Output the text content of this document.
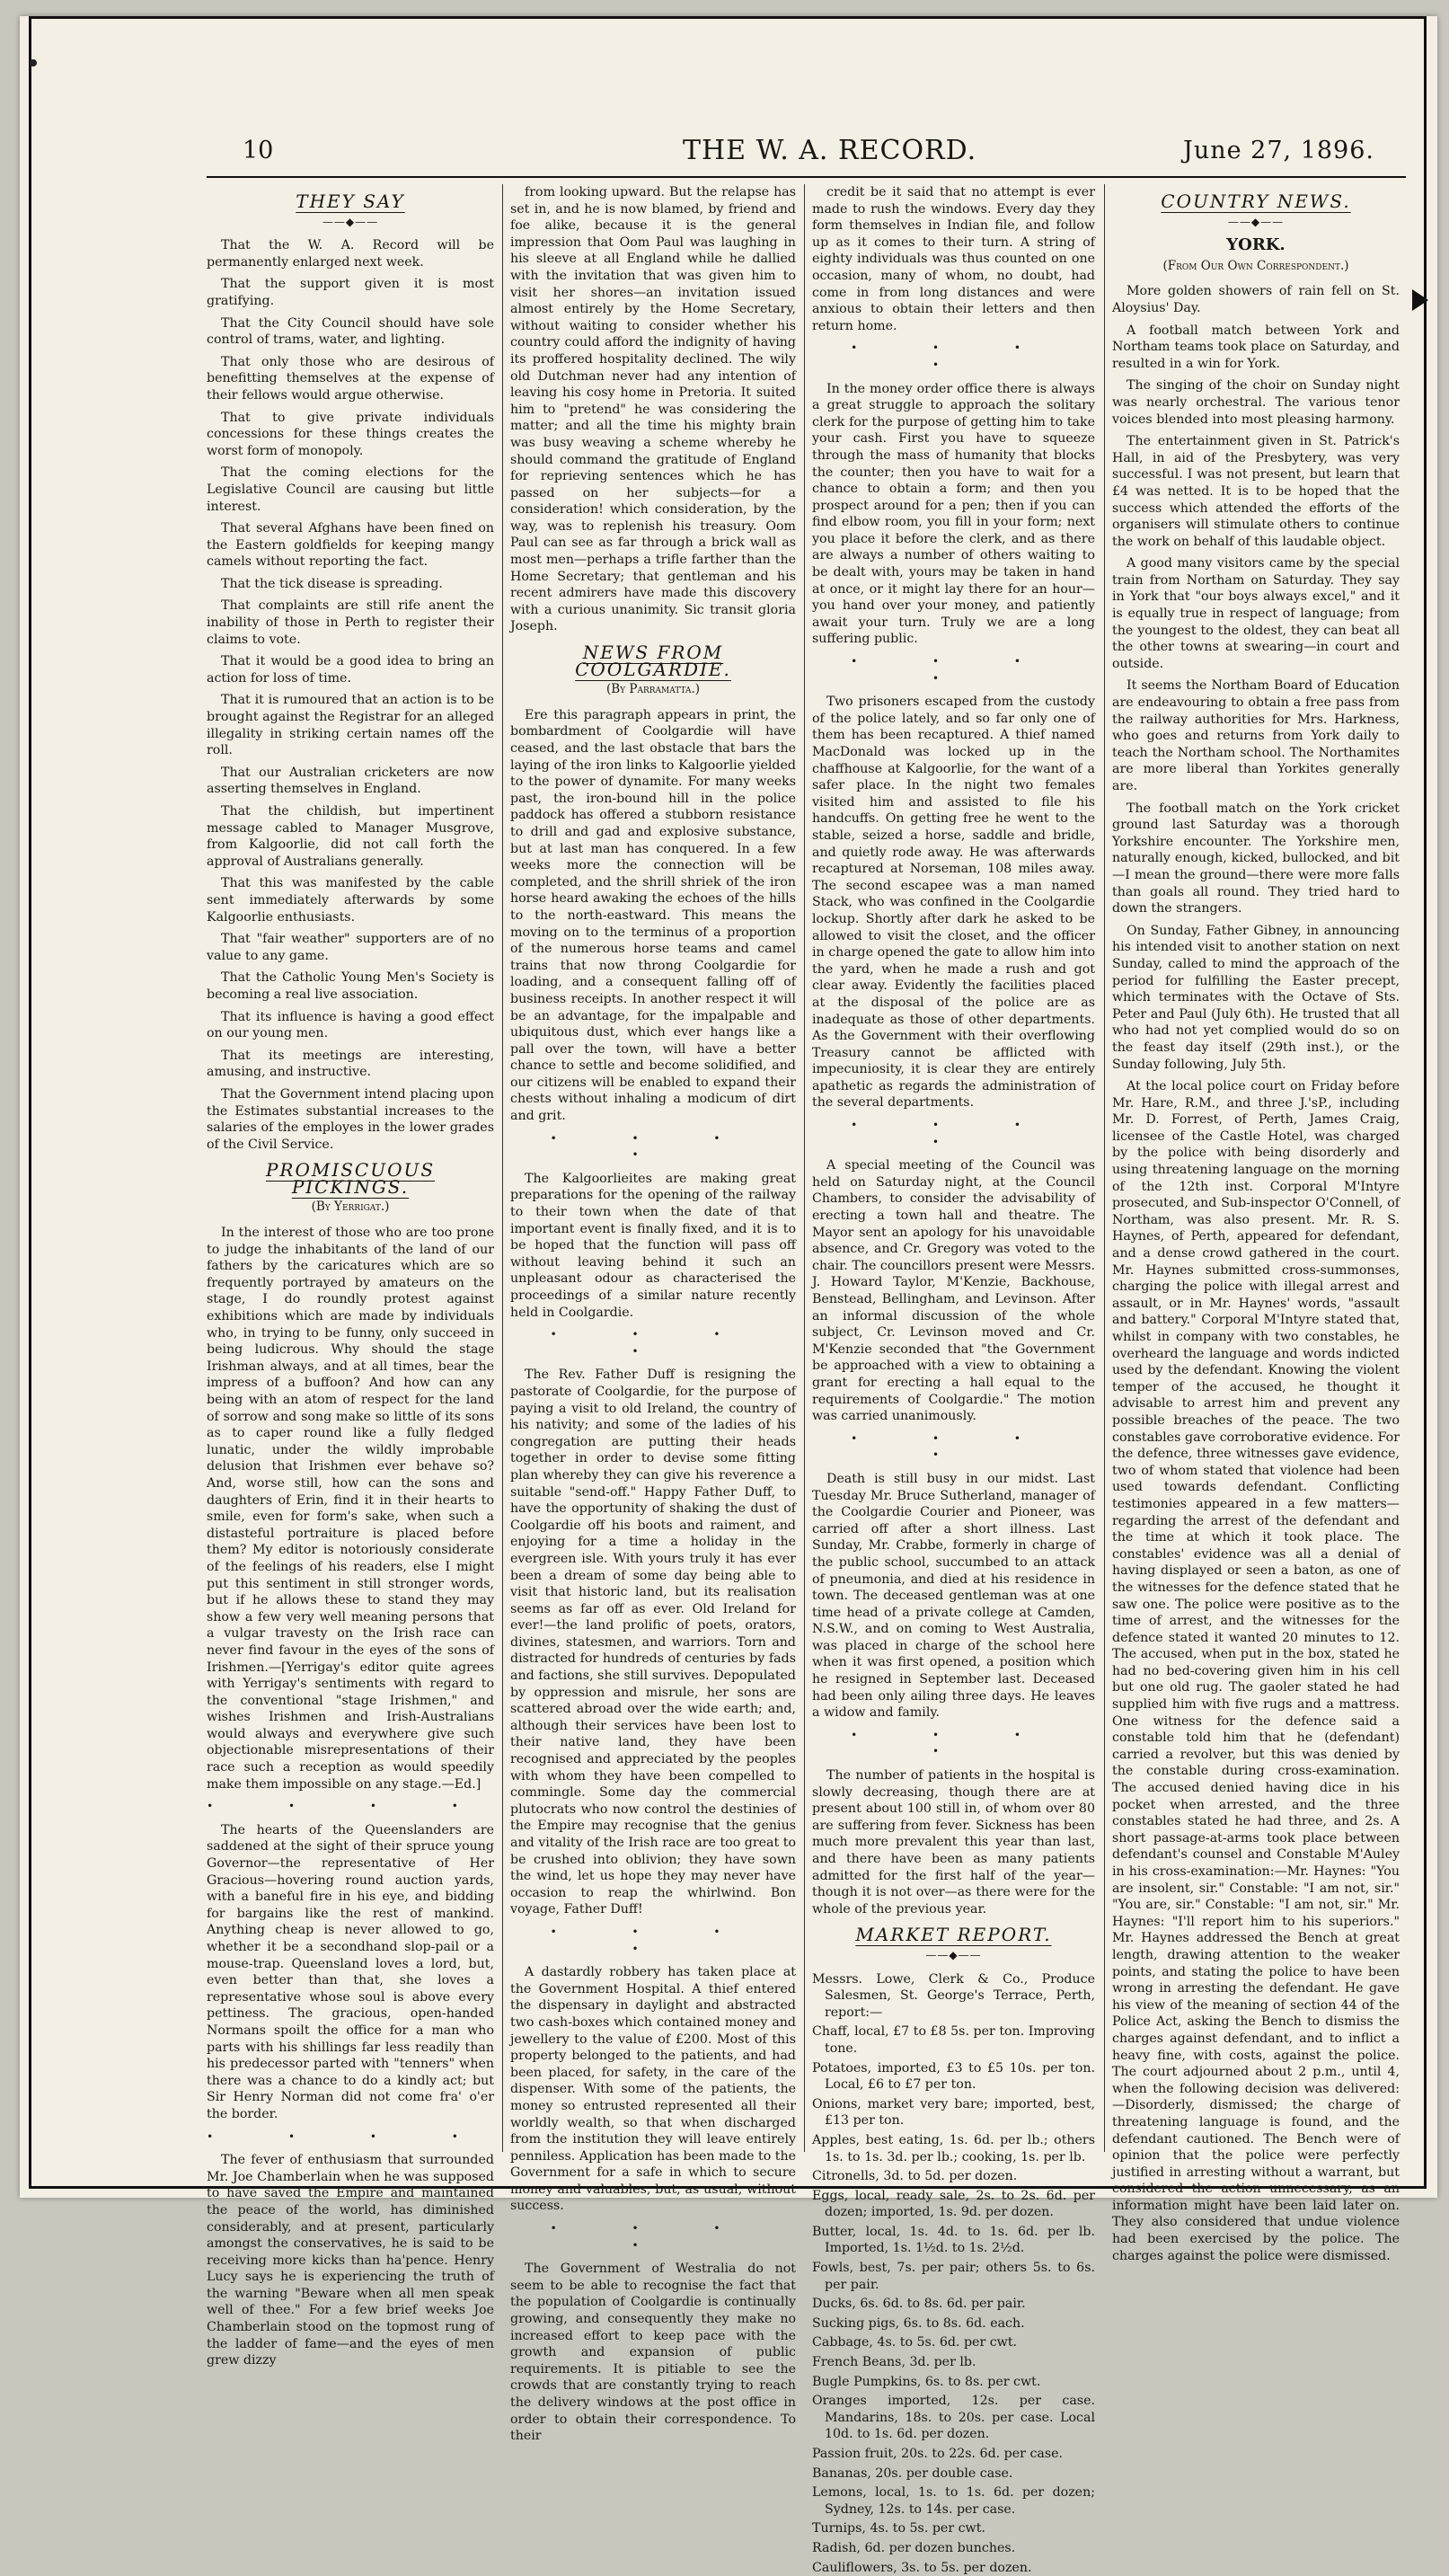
10	THE W. A. RECORD.	June 27, 1896.
THEY SAY
——◆——

That the W. A. Record will be permanently enlarged next week.

That the support given it is most gratifying.

That the City Council should have sole control of trams, water, and lighting.

That only those who are desirous of benefitting themselves at the expense of their fellows would argue otherwise.

That to give private individuals concessions for these things creates the worst form of monopoly.

That the coming elections for the Legislative Council are causing but little interest.

That several Afghans have been fined on the Eastern goldfields for keeping mangy camels without reporting the fact.

That the tick disease is spreading.

That complaints are still rife anent the inability of those in Perth to register their claims to vote.

That it would be a good idea to bring an action for loss of time.

That it is rumoured that an action is to be brought against the Registrar for an alleged illegality in striking certain names off the roll.

That our Australian cricketers are now asserting themselves in England.

That the childish, but impertinent message cabled to Manager Musgrove, from Kalgoorlie, did not call forth the approval of Australians generally.

That this was manifested by the cable sent immediately afterwards by some Kalgoorlie enthusiasts.

That "fair weather" supporters are of no value to any game.

That the Catholic Young Men's Society is becoming a real live association.

That its influence is having a good effect on our young men.

That its meetings are interesting, amusing, and instructive.

That the Government intend placing upon the Estimates substantial increases to the salaries of the employes in the lower grades of the Civil Service.

PROMISCUOUS PICKINGS.
(By Yerrigat.)

In the interest of those who are too prone to judge the inhabitants of the land of our fathers by the caricatures which are so frequently portrayed by amateurs on the stage, I do roundly protest against exhibitions which are made by individuals who, in trying to be funny, only succeed in being ludicrous. Why should the stage Irishman always, and at all times, bear the impress of a buffoon? And how can any being with an atom of respect for the land of sorrow and song make so little of its sons as to caper round like a fully fledged lunatic, under the wildly improbable delusion that Irishmen ever behave so? And, worse still, how can the sons and daughters of Erin, find it in their hearts to smile, even for form's sake, when such a distasteful portraiture is placed before them? My editor is notoriously considerate of the feelings of his readers, else I might put this sentiment in still stronger words, but if he allows these to stand they may show a few very well meaning persons that a vulgar travesty on the Irish race can never find favour in the eyes of the sons of Irishmen.—[Yerrigay's editor quite agrees with Yerrigay's sentiments with regard to the conventional "stage Irishmen," and wishes Irishmen and Irish-Australians would always and everywhere give such objectionable misrepresentations of their race such a reception as would speedily make them impossible on any stage.—Ed.]

• • • •

The hearts of the Queenslanders are saddened at the sight of their spruce young Governor—the representative of Her Gracious—hovering round auction yards, with a baneful fire in his eye, and bidding for bargains like the rest of mankind. Anything cheap is never allowed to go, whether it be a secondhand slop-pail or a mouse-trap. Queensland loves a lord, but, even better than that, she loves a representative whose soul is above every pettiness. The gracious, open-handed Normans spoilt the office for a man who parts with his shillings far less readily than his predecessor parted with "tenners" when there was a chance to do a kindly act; but Sir Henry Norman did not come fra' o'er the border.

• • • •

The fever of enthusiasm that surrounded Mr. Joe Chamberlain when he was supposed to have saved the Empire and maintained the peace of the world, has diminished considerably, and at present, particularly amongst the conservatives, he is said to be receiving more kicks than ha'pence. Henry Lucy says he is experiencing the truth of the warning "Beware when all men speak well of thee." For a few brief weeks Joe Chamberlain stood on the topmost rung of the ladder of fame—and the eyes of men grew dizzy

from looking upward. But the relapse has set in, and he is now blamed, by friend and foe alike, because it is the general impression that Oom Paul was laughing in his sleeve at all England while he dallied with the invitation that was given him to visit her shores—an invitation issued almost entirely by the Home Secretary, without waiting to consider whether his country could afford the indignity of having its proffered hospitality declined. The wily old Dutchman never had any intention of leaving his cosy home in Pretoria. It suited him to "pretend" he was considering the matter; and all the time his mighty brain was busy weaving a scheme whereby he should command the gratitude of England for reprieving sentences which he has passed on her subjects—for a consideration! which consideration, by the way, was to replenish his treasury. Oom Paul can see as far through a brick wall as most men—perhaps a trifle farther than the Home Secretary; that gentleman and his recent admirers have made this discovery with a curious unanimity. Sic transit gloria Joseph.

NEWS FROM COOLGARDIE.
(By Parramatta.)

Ere this paragraph appears in print, the bombardment of Coolgardie will have ceased, and the last obstacle that bars the laying of the iron links to Kalgoorlie yielded to the power of dynamite. For many weeks past, the iron-bound hill in the police paddock has offered a stubborn resistance to drill and gad and explosive substance, but at last man has conquered. In a few weeks more the connection will be completed, and the shrill shriek of the iron horse heard awaking the echoes of the hills to the north-eastward. This means the moving on to the terminus of a proportion of the numerous horse teams and camel trains that now throng Coolgardie for loading, and a consequent falling off of business receipts. In another respect it will be an advantage, for the impalpable and ubiquitous dust, which ever hangs like a pall over the town, will have a better chance to settle and become solidified, and our citizens will be enabled to expand their chests without inhaling a modicum of dirt and grit.

• • • •

The Kalgoorlieites are making great preparations for the opening of the railway to their town when the date of that important event is finally fixed, and it is to be hoped that the function will pass off without leaving behind it such an unpleasant odour as characterised the proceedings of a similar nature recently held in Coolgardie.

• • • •

The Rev. Father Duff is resigning the pastorate of Coolgardie, for the purpose of paying a visit to old Ireland, the country of his nativity; and some of the ladies of his congregation are putting their heads together in order to devise some fitting plan whereby they can give his reverence a suitable "send-off." Happy Father Duff, to have the opportunity of shaking the dust of Coolgardie off his boots and raiment, and enjoying for a time a holiday in the evergreen isle. With yours truly it has ever been a dream of some day being able to visit that historic land, but its realisation seems as far off as ever. Old Ireland for ever!—the land prolific of poets, orators, divines, statesmen, and warriors. Torn and distracted for hundreds of centuries by fads and factions, she still survives. Depopulated by oppression and misrule, her sons are scattered abroad over the wide earth; and, although their services have been lost to their native land, they have been recognised and appreciated by the peoples with whom they have been compelled to commingle. Some day the commercial plutocrats who now control the destinies of the Empire may recognise that the genius and vitality of the Irish race are too great to be crushed into oblivion; they have sown the wind, let us hope they may never have occasion to reap the whirlwind. Bon voyage, Father Duff!

• • • •

A dastardly robbery has taken place at the Government Hospital. A thief entered the dispensary in daylight and abstracted two cash-boxes which contained money and jewellery to the value of £200. Most of this property belonged to the patients, and had been placed, for safety, in the care of the dispenser. With some of the patients, the money so entrusted represented all their worldly wealth, so that when discharged from the institution they will leave entirely penniless. Application has been made to the Government for a safe in which to secure money and valuables, but, as usual, without success.

• • • •

The Government of Westralia do not seem to be able to recognise the fact that the population of Coolgardie is continually growing, and consequently they make no increased effort to keep pace with the growth and expansion of public requirements. It is pitiable to see the crowds that are constantly trying to reach the delivery windows at the post office in order to obtain their correspondence. To their

credit be it said that no attempt is ever made to rush the windows. Every day they form themselves in Indian file, and follow up as it comes to their turn. A string of eighty individuals was thus counted on one occasion, many of whom, no doubt, had come in from long distances and were anxious to obtain their letters and then return home.

• • • •

In the money order office there is always a great struggle to approach the solitary clerk for the purpose of getting him to take your cash. First you have to squeeze through the mass of humanity that blocks the counter; then you have to wait for a chance to obtain a form; and then you prospect around for a pen; then if you can find elbow room, you fill in your form; next you place it before the clerk, and as there are always a number of others waiting to be dealt with, yours may be taken in hand at once, or it might lay there for an hour—you hand over your money, and patiently await your turn. Truly we are a long suffering public.

• • • •

Two prisoners escaped from the custody of the police lately, and so far only one of them has been recaptured. A thief named MacDonald was locked up in the chaffhouse at Kalgoorlie, for the want of a safer place. In the night two females visited him and assisted to file his handcuffs. On getting free he went to the stable, seized a horse, saddle and bridle, and quietly rode away. He was afterwards recaptured at Norseman, 108 miles away. The second escapee was a man named Stack, who was confined in the Coolgardie lockup. Shortly after dark he asked to be allowed to visit the closet, and the officer in charge opened the gate to allow him into the yard, when he made a rush and got clear away. Evidently the facilities placed at the disposal of the police are as inadequate as those of other departments. As the Government with their overflowing Treasury cannot be afflicted with impecuniosity, it is clear they are entirely apathetic as regards the administration of the several departments.

• • • •

A special meeting of the Council was held on Saturday night, at the Council Chambers, to consider the advisability of erecting a town hall and theatre. The Mayor sent an apology for his unavoidable absence, and Cr. Gregory was voted to the chair. The councillors present were Messrs. J. Howard Taylor, M'Kenzie, Backhouse, Benstead, Bellingham, and Levinson. After an informal discussion of the whole subject, Cr. Levinson moved and Cr. M'Kenzie seconded that "the Government be approached with a view to obtaining a grant for erecting a hall equal to the requirements of Coolgardie." The motion was carried unanimously.

• • • •

Death is still busy in our midst. Last Tuesday Mr. Bruce Sutherland, manager of the Coolgardie Courier and Pioneer, was carried off after a short illness. Last Sunday, Mr. Crabbe, formerly in charge of the public school, succumbed to an attack of pneumonia, and died at his residence in town. The deceased gentleman was at one time head of a private college at Camden, N.S.W., and on coming to West Australia, was placed in charge of the school here when it was first opened, a position which he resigned in September last. Deceased had been only ailing three days. He leaves a widow and family.

• • • •

The number of patients in the hospital is slowly decreasing, though there are at present about 100 still in, of whom over 80 are suffering from fever. Sickness has been much more prevalent this year than last, and there have been as many patients admitted for the first half of the year—though it is not over—as there were for the whole of the previous year.

MARKET REPORT.
——◆——

Messrs. Lowe, Clerk & Co., Produce Salesmen, St. George's Terrace, Perth, report:—

Chaff, local, £7 to £8 5s. per ton. Improving tone.

Potatoes, imported, £3 to £5 10s. per ton. Local, £6 to £7 per ton.

Onions, market very bare; imported, best, £13 per ton.

Apples, best eating, 1s. 6d. per lb.; others 1s. to 1s. 3d. per lb.; cooking, 1s. per lb.

Citronells, 3d. to 5d. per dozen.

Eggs, local, ready sale, 2s. to 2s. 6d. per dozen; imported, 1s. 9d. per dozen.

Butter, local, 1s. 4d. to 1s. 6d. per lb. Imported, 1s. 1½d. to 1s. 2½d.

Fowls, best, 7s. per pair; others 5s. to 6s. per pair.

Ducks, 6s. 6d. to 8s. 6d. per pair.

Sucking pigs, 6s. to 8s. 6d. each.

Cabbage, 4s. to 5s. 6d. per cwt.

French Beans, 3d. per lb.

Bugle Pumpkins, 6s. to 8s. per cwt.

Oranges imported, 12s. per case. Mandarins, 18s. to 20s. per case. Local 10d. to 1s. 6d. per dozen.

Passion fruit, 20s. to 22s. 6d. per case.

Bananas, 20s. per double case.

Lemons, local, 1s. to 1s. 6d. per dozen; Sydney, 12s. to 14s. per case.

Turnips, 4s. to 5s. per cwt.

Radish, 6d. per dozen bunches.

Cauliflowers, 3s. to 5s. per dozen.

COUNTRY NEWS.
——◆——
YORK.
(From Our Own Correspondent.)

More golden showers of rain fell on St. Aloysius' Day.

A football match between York and Northam teams took place on Saturday, and resulted in a win for York.

The singing of the choir on Sunday night was nearly orchestral. The various tenor voices blended into most pleasing harmony.

The entertainment given in St. Patrick's Hall, in aid of the Presbytery, was very successful. I was not present, but learn that £4 was netted. It is to be hoped that the success which attended the efforts of the organisers will stimulate others to continue the work on behalf of this laudable object.

A good many visitors came by the special train from Northam on Saturday. They say in York that "our boys always excel," and it is equally true in respect of language; from the youngest to the oldest, they can beat all the other towns at swearing—in court and outside.

It seems the Northam Board of Education are endeavouring to obtain a free pass from the railway authorities for Mrs. Harkness, who goes and returns from York daily to teach the Northam school. The Northamites are more liberal than Yorkites generally are.

The football match on the York cricket ground last Saturday was a thorough Yorkshire encounter. The Yorkshire men, naturally enough, kicked, bullocked, and bit—I mean the ground—there were more falls than goals all round. They tried hard to down the strangers.

On Sunday, Father Gibney, in announcing his intended visit to another station on next Sunday, called to mind the approach of the period for fulfilling the Easter precept, which terminates with the Octave of Sts. Peter and Paul (July 6th). He trusted that all who had not yet complied would do so on the feast day itself (29th inst.), or the Sunday following, July 5th.

At the local police court on Friday before Mr. Hare, R.M., and three J.'sP., including Mr. D. Forrest, of Perth, James Craig, licensee of the Castle Hotel, was charged by the police with being disorderly and using threatening language on the morning of the 12th inst. Corporal M'Intyre prosecuted, and Sub-inspector O'Connell, of Northam, was also present. Mr. R. S. Haynes, of Perth, appeared for defendant, and a dense crowd gathered in the court. Mr. Haynes submitted cross-summonses, charging the police with illegal arrest and assault, or in Mr. Haynes' words, "assault and battery." Corporal M'Intyre stated that, whilst in company with two constables, he overheard the language and words indicted used by the defendant. Knowing the violent temper of the accused, he thought it advisable to arrest him and prevent any possible breaches of the peace. The two constables gave corroborative evidence. For the defence, three witnesses gave evidence, two of whom stated that violence had been used towards defendant. Conflicting testimonies appeared in a few matters—regarding the arrest of the defendant and the time at which it took place. The constables' evidence was all a denial of having displayed or seen a baton, as one of the witnesses for the defence stated that he saw one. The police were positive as to the time of arrest, and the witnesses for the defence stated it wanted 20 minutes to 12. The accused, when put in the box, stated he had no bed-covering given him in his cell but one old rug. The gaoler stated he had supplied him with five rugs and a mattress. One witness for the defence said a constable told him that he (defendant) carried a revolver, but this was denied by the constable during cross-examination. The accused denied having dice in his pocket when arrested, and the three constables stated he had three, and 2s. A short passage-at-arms took place between defendant's counsel and Constable M'Auley in his cross-examination:—Mr. Haynes: "You are insolent, sir." Constable: "I am not, sir." "You are, sir." Constable: "I am not, sir." Mr. Haynes: "I'll report him to his superiors." Mr. Haynes addressed the Bench at great length, drawing attention to the weaker points, and stating the police to have been wrong in arresting the defendant. He gave his view of the meaning of section 44 of the Police Act, asking the Bench to dismiss the charges against defendant, and to inflict a heavy fine, with costs, against the police. The court adjourned about 2 p.m., until 4, when the following decision was delivered:—Disorderly, dismissed; the charge of threatening language is found, and the defendant cautioned. The Bench were of opinion that the police were perfectly justified in arresting without a warrant, but considered the action unnecessary, as an information might have been laid later on. They also considered that undue violence had been exercised by the police. The charges against the police were dismissed.
